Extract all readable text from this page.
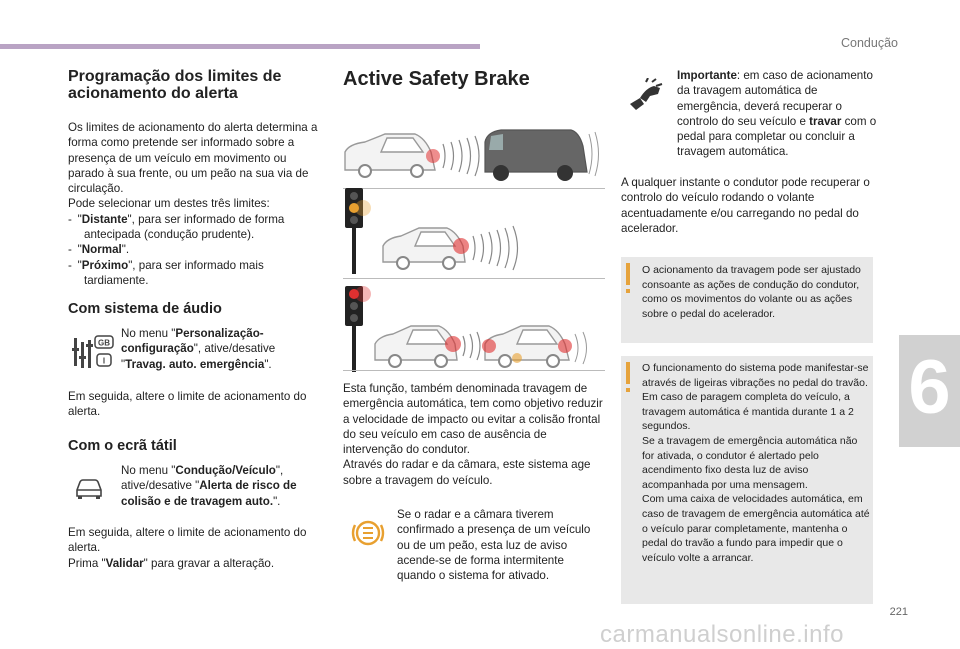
Condução
6
221
carmanualsonline.info
Programação dos limites de acionamento do alerta
Os limites de acionamento do alerta determina a forma como pretende ser informado sobre a presença de um veículo em movimento ou parado à sua frente, ou um peão na sua via de circulação.
Pode selecionar um destes três limites:
-  "Distante", para ser informado de forma antecipada (condução prudente).
-  "Normal".
-  "Próximo", para ser informado mais tardiamente.
Com sistema de áudio
GB
I
No menu "Personalização-configuração", ative/desative "Travag. auto. emergência".
Em seguida, altere o limite de acionamento do alerta.
Com o ecrã tátil
No menu "Condução/Veículo", ative/desative "Alerta de risco de colisão e de travagem auto.".
Em seguida, altere o limite de acionamento do alerta.
Prima "Validar" para gravar a alteração.
Active Safety Brake
Esta função, também denominada travagem de emergência automática, tem como objetivo reduzir a velocidade de impacto ou evitar a colisão frontal do seu veículo em caso de ausência de intervenção do condutor.
Através do radar e da câmara, este sistema age sobre a travagem do veículo.
Se o radar e a câmara tiverem confirmado a presença de um veículo ou de um peão, esta luz de aviso acende-se de forma intermitente quando o sistema for ativado.
Importante: em caso de acionamento da travagem automática de emergência, deverá recuperar o controlo do seu veículo e travar com o pedal para completar ou concluir a travagem automática.
A qualquer instante o condutor pode recuperar o controlo do veículo rodando o volante acentuadamente e/ou carregando no pedal do acelerador.
O acionamento da travagem pode ser ajustado consoante as ações de condução do condutor, como os movimentos do volante ou as ações sobre o pedal do acelerador.
O funcionamento do sistema pode manifestar-se através de ligeiras vibrações no pedal do travão.
Em caso de paragem completa do veículo, a travagem automática é mantida durante 1 a 2 segundos.
Se a travagem de emergência automática não for ativada, o condutor é alertado pelo acendimento fixo desta luz de aviso acompanhada por uma mensagem.
Com uma caixa de velocidades automática, em caso de travagem de emergência automática até o veículo parar completamente, mantenha o pedal do travão a fundo para impedir que o veículo volte a arrancar.
